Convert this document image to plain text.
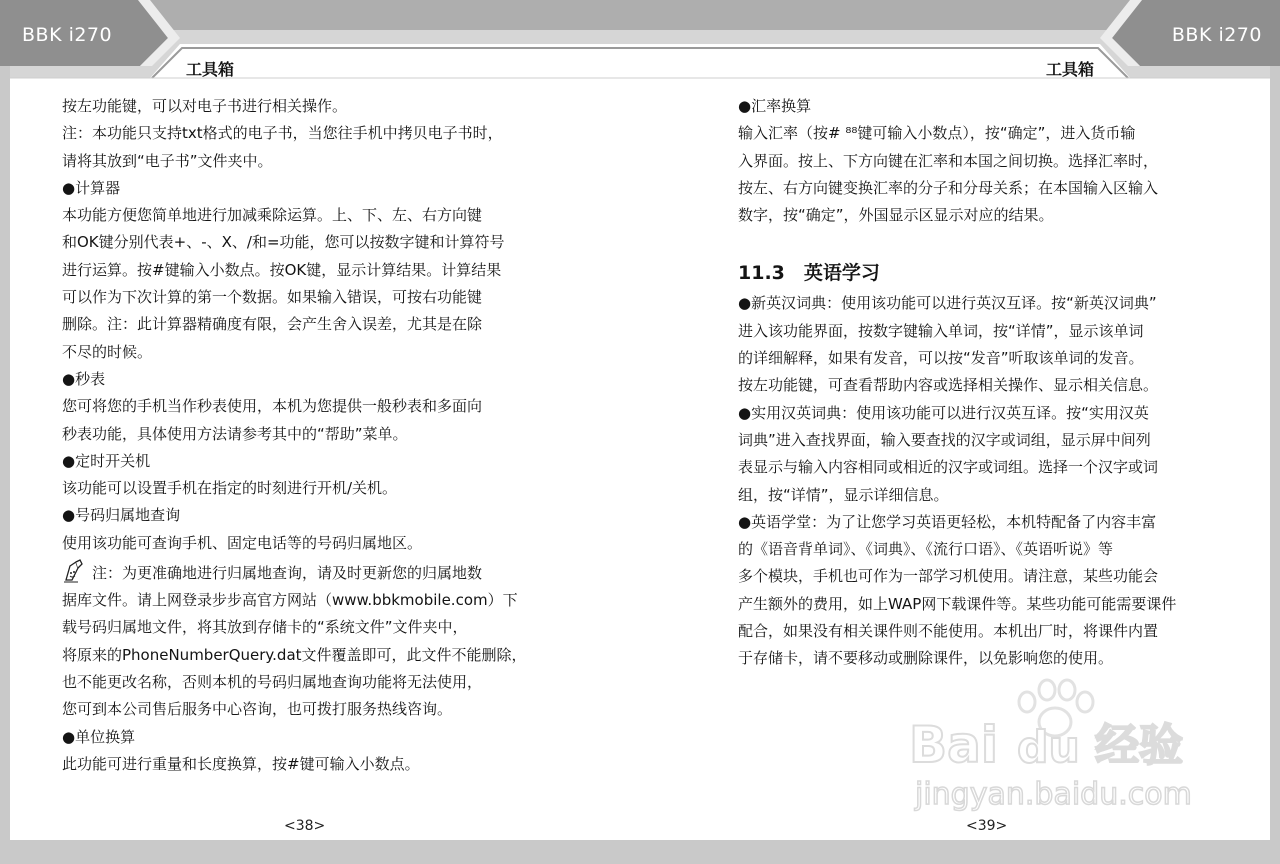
BBK i270	BBK i270
工具箱	工具箱
按左功能键，可以对电子书进行相关操作。
注：本功能只支持txt格式的电子书，当您往手机中拷贝电子书时，
请将其放到“电子书”文件夹中。
●计算器
本功能方便您简单地进行加减乘除运算。上、下、左、右方向键
和OK键分别代表+、-、X、/和=功能，您可以按数字键和计算符号
进行运算。按#键输入小数点。按OK键，显示计算结果。计算结果
可以作为下次计算的第一个数据。如果输入错误，可按右功能键
删除。注：此计算器精确度有限，会产生舍入误差，尤其是在除
不尽的时候。
●秒表
您可将您的手机当作秒表使用，本机为您提供一般秒表和多面向
秒表功能，具体使用方法请参考其中的“帮助”菜单。
●定时开关机
该功能可以设置手机在指定的时刻进行开机/关机。
●号码归属地查询
使用该功能可查询手机、固定电话等的号码归属地区。
注：为更准确地进行归属地查询，请及时更新您的归属地数
据库文件。请上网登录步步高官方网站（www.bbkmobile.com）下
载号码归属地文件，将其放到存储卡的“系统文件”文件夹中，
将原来的PhoneNumberQuery.dat文件覆盖即可，此文件不能删除，
也不能更改名称，否则本机的号码归属地查询功能将无法使用，
您可到本公司售后服务中心咨询，也可拨打服务热线咨询。
●单位换算
此功能可进行重量和长度换算，按#键可输入小数点。
●汇率换算
输入汇率（按# ⁸⁸键可输入小数点），按“确定”，进入货币输
入界面。按上、下方向键在汇率和本国之间切换。选择汇率时，
按左、右方向键变换汇率的分子和分母关系；在本国输入区输入
数字，按“确定”，外国显示区显示对应的结果。
11.3　英语学习
●新英汉词典：使用该功能可以进行英汉互译。按“新英汉词典”
进入该功能界面，按数字键输入单词，按“详情”，显示该单词
的详细解释，如果有发音，可以按“发音”听取该单词的发音。
按左功能键，可查看帮助内容或选择相关操作、显示相关信息。
●实用汉英词典：使用该功能可以进行汉英互译。按“实用汉英
词典”进入查找界面，输入要查找的汉字或词组，显示屏中间列
表显示与输入内容相同或相近的汉字或词组。选择一个汉字或词
组，按“详情”，显示详细信息。
●英语学堂：为了让您学习英语更轻松，本机特配备了内容丰富
的《语音背单词》、《词典》、《流行口语》、《英语听说》等
多个模块，手机也可作为一部学习机使用。请注意，某些功能会
产生额外的费用，如上WAP网下载课件等。某些功能可能需要课件
配合，如果没有相关课件则不能使用。本机出厂时，将课件内置
于存储卡，请不要移动或删除课件，以免影响您的使用。
<38>	<39>
Bai du 经验
jingyan.baidu.com
